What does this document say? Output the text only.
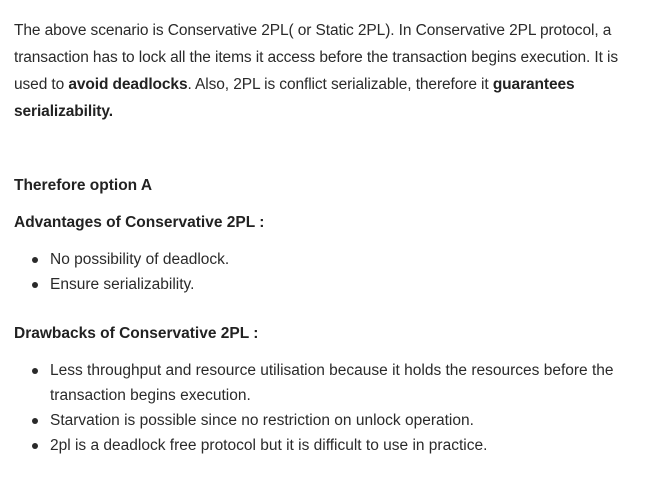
The above scenario is Conservative 2PL( or Static 2PL). In Conservative 2PL protocol, a transaction has to lock all the items it access before the transaction begins execution. It is used to avoid deadlocks. Also, 2PL is conflict serializable, therefore it guarantees serializability.

Therefore option A

Advantages of Conservative 2PL :

No possibility of deadlock.
Ensure serializability.

Drawbacks of Conservative 2PL :

Less throughput and resource utilisation because it holds the resources before the transaction begins execution.
Starvation is possible since no restriction on unlock operation.
2pl is a deadlock free protocol but it is difficult to use in practice.
